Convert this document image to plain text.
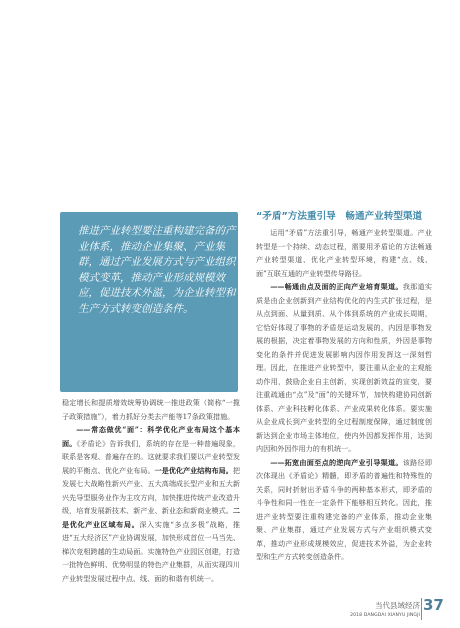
推进产业转型要注重构建完备的产业体系，推动企业集聚、产业集群，通过产业发展方式与产业组织模式变革，推动产业形成规模效应，促进技术外溢，为企业转型和生产方式转变创造条件。
“矛盾”方法重引导　畅通产业转型渠道

稳定增长和提质增效统筹协调统一推进政策（简称“一揽子政策措施”），着力抓好分类去产能等17条政策措施。

——常态做优“面”：科学优化产业布局这个基本面。《矛盾论》告诉我们，系统的存在是一种普遍现象，联系是客观、普遍存在的。这就要求我们要以产业转型发展的平衡点、优化产业布局。一是优化产业结构布局。把发展七大战略性新兴产业、五大高端成长型产业和五大新兴先导型服务业作为主攻方向，加快推进传统产业改造升级，培育发展新技术、新产业、新业态和新商业模式。二是优化产业区域布局。深入实施“多点多极”战略，推进“五大经济区”产业协调发展，加快形成首位一马当先、梯次竞相跨越的生动局面。实施特色产业园区创建，打造一批特色鲜明、优势明显的特色产业集群，从而实现四川产业转型发展过程中点、线、面的和谐有机统一。

运用“矛盾”方法重引导，畅通产业转型渠道。产业转型是一个持续、动态过程，需要用矛盾论的方法畅通产业转型渠道、优化产业转型环境，构建“点、线、面”互联互通的产业转型传导路径。

——畅通由点及面的正向产业培育渠道。我那道实质是由企业创新到产业结构优化的内生式扩张过程，是从点到面、从量到质、从个体到系统的产业成长周期，它恰好体现了事物的矛盾是运动发展的，内因是事物发展的根据，决定着事物发展的方向和性质，外因是事物变化的条件并促进发展影响内因作用发挥这一深刻哲理。因此，在推进产业转型中，要注重从企业的主观能动作用，鼓励企业自主创新，实现创新效益的宣变，要注重疏通由“点”及“面”的关键环节，加快构建协同创新体系、产业科技孵化体系、产业成果转化体系。要实施从企业成长到产业转型的全过程制度保障，通过制度创新达到企业市场主体地位，使内外因都发挥作用，达到内因和外因作用力的有机统一。

——拓宽由面至点的逆向产业引导渠道。该路径即次体现出《矛盾论》精髓，即矛盾的普遍性和特殊性的关系，同时折射出矛盾斗争的两种基本形式，即矛盾的斗争性和同一性在一定条件下能够相互转化。因此，推进产业转型要注重构建完备的产业体系，推动企业集聚、产业集群，通过产业发展方式与产业组织模式变革，推动产业形成规模效应，促进技术外溢，为企业转型和生产方式转变创造条件。

当代县域经济
2018 DANGDAI XIANYU JINGJI
37
